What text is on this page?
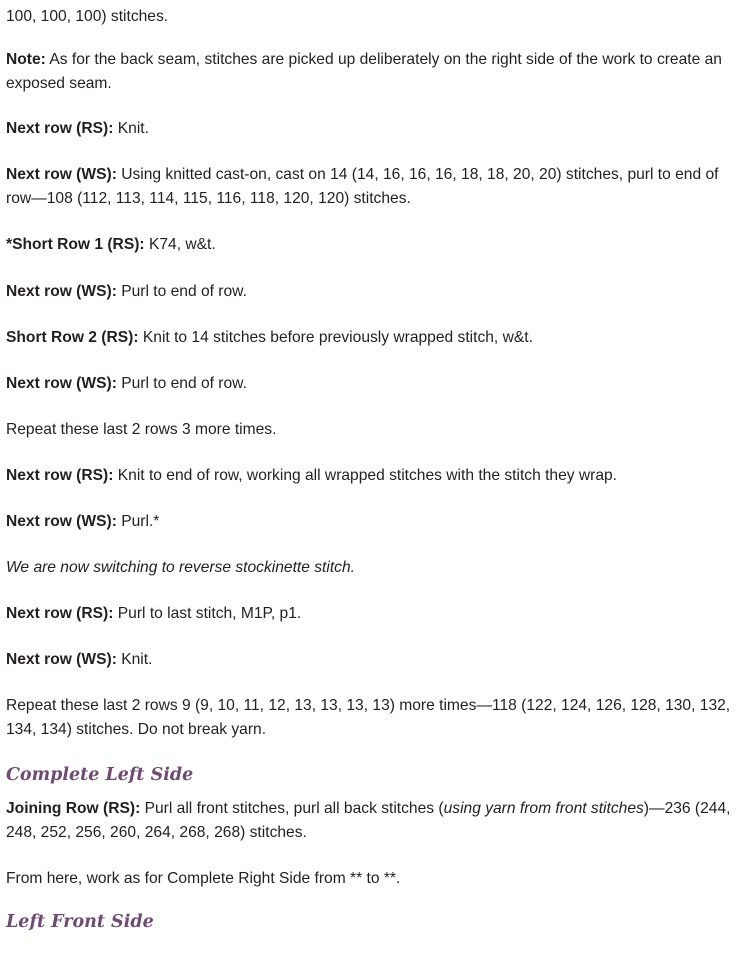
100, 100, 100) stitches.

Note: As for the back seam, stitches are picked up deliberately on the right side of the work to create an exposed seam.

Next row (RS): Knit.

Next row (WS): Using knitted cast-on, cast on 14 (14, 16, 16, 16, 18, 18, 20, 20) stitches, purl to end of row—108 (112, 113, 114, 115, 116, 118, 120, 120) stitches.

*Short Row 1 (RS): K74, w&t.

Next row (WS): Purl to end of row.

Short Row 2 (RS): Knit to 14 stitches before previously wrapped stitch, w&t.

Next row (WS): Purl to end of row.

Repeat these last 2 rows 3 more times.

Next row (RS): Knit to end of row, working all wrapped stitches with the stitch they wrap.

Next row (WS): Purl.*

We are now switching to reverse stockinette stitch.

Next row (RS): Purl to last stitch, M1P, p1.

Next row (WS): Knit.

Repeat these last 2 rows 9 (9, 10, 11, 12, 13, 13, 13, 13) more times—118 (122, 124, 126, 128, 130, 132, 134, 134) stitches. Do not break yarn.

Complete Left Side

Joining Row (RS): Purl all front stitches, purl all back stitches (using yarn from front stitches)—236 (244, 248, 252, 256, 260, 264, 268, 268) stitches.

From here, work as for Complete Right Side from ** to **.

Left Front Side
